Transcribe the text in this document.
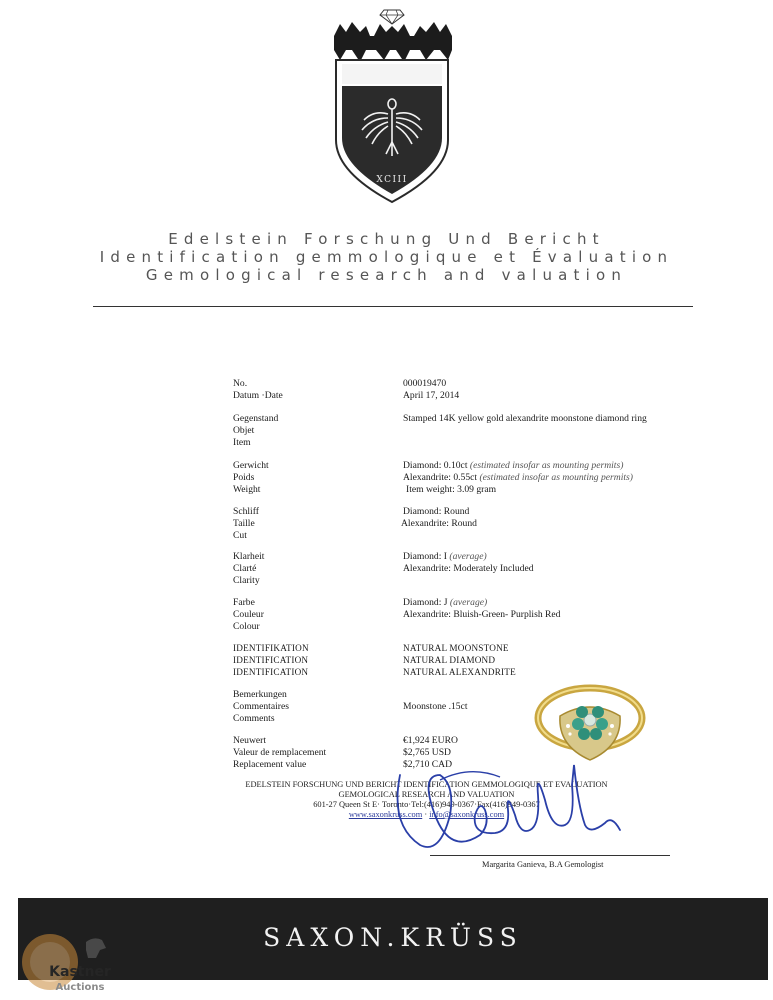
XCIII
Edelstein Forschung Und Bericht
Identification gemmologique et Évaluation
Gemological research and valuation
No.
Datum ·Date
000019470
April 17, 2014
Gegenstand
Objet
Item
Stamped 14K yellow gold alexandrite moonstone diamond ring
Gerwicht
Poids
Weight
Diamond: 0.10ct (estimated insofar as mounting permits)
Alexandrite: 0.55ct (estimated insofar as mounting permits)
Item weight: 3.09 gram
Schliff
Taille
Cut
Diamond: Round
Alexandrite: Round
Klarheit
Clarté
Clarity
Diamond: I (average)
Alexandrite: Moderately Included
Farbe
Couleur
Colour
Diamond: J (average)
Alexandrite: Bluish-Green- Purplish Red
IDENTIFIKATION
IDENTIFICATION
IDENTIFICATION
NATURAL MOONSTONE
NATURAL DIAMOND
NATURAL ALEXANDRITE
Bemerkungen
Commentaires
Comments
Moonstone .15ct
Neuwert
Valeur de remplacement
Replacement value
€1,924 EURO
$2,765 USD
$2,710 CAD
EDELSTEIN FORSCHUNG UND BERICHT IDENTIFICATION GEMMOLOGIQUE ET EVALUATION
GEMOLOGICAL RESEARCH AND VALUATION
601-27 Queen St E· Toronto·Tel:(416)949-0367·Fax(416)949-0367
www.saxonkruss.com · info@saxonkruss.com
Margarita Ganieva, B.A Gemologist
SAXON.KRÜSS
Kastner
Auctions
